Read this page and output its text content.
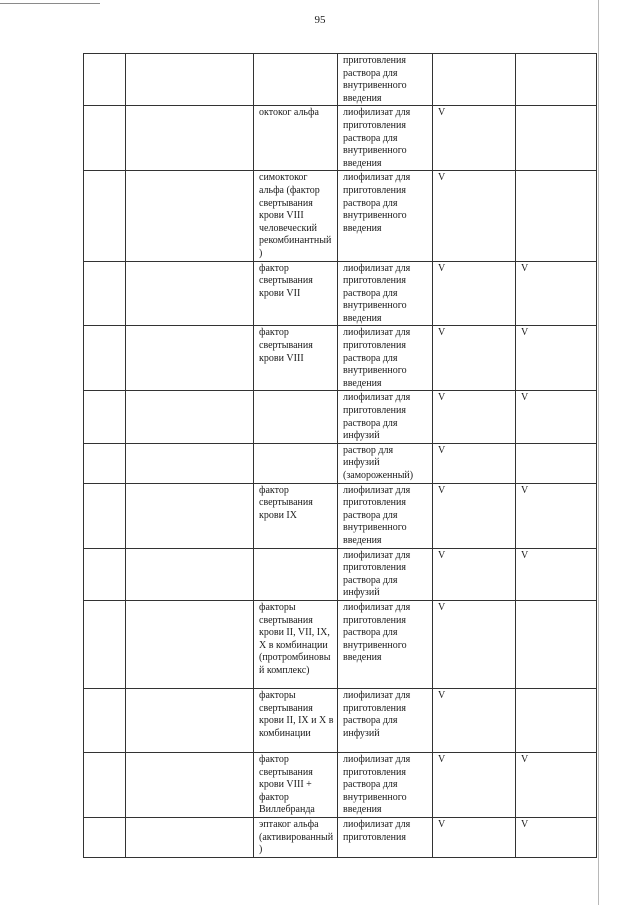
95
			приготовления раствора для внутривенного введения		
		октоког альфа	лиофилизат для приготовления раствора для внутривенного введения	V	
		симоктоког альфа (фактор свертывания крови VIII человеческий рекомбинантный)	лиофилизат для приготовления раствора для внутривенного введения	V	
		фактор свертывания крови VII	лиофилизат для приготовления раствора для внутривенного введения	V	V
		фактор свертывания крови VIII	лиофилизат для приготовления раствора для внутривенного введения	V	V
			лиофилизат для приготовления раствора для инфузий	V	V
			раствор для инфузий (замороженный)	V	
		фактор свертывания крови IX	лиофилизат для приготовления раствора для внутривенного введения	V	V
			лиофилизат для приготовления раствора для инфузий	V	V
		факторы свертывания крови II, VII, IX, X в комбинации (протромбиновый комплекс)	лиофилизат для приготовления раствора для внутривенного введения	V	
		факторы свертывания крови II, IX и X в комбинации	лиофилизат для приготовления раствора для инфузий	V	
		фактор свертывания крови VIII + фактор Виллебранда	лиофилизат для приготовления раствора для внутривенного введения	V	V
		эптаког альфа (активированный)	лиофилизат для приготовления	V	V
